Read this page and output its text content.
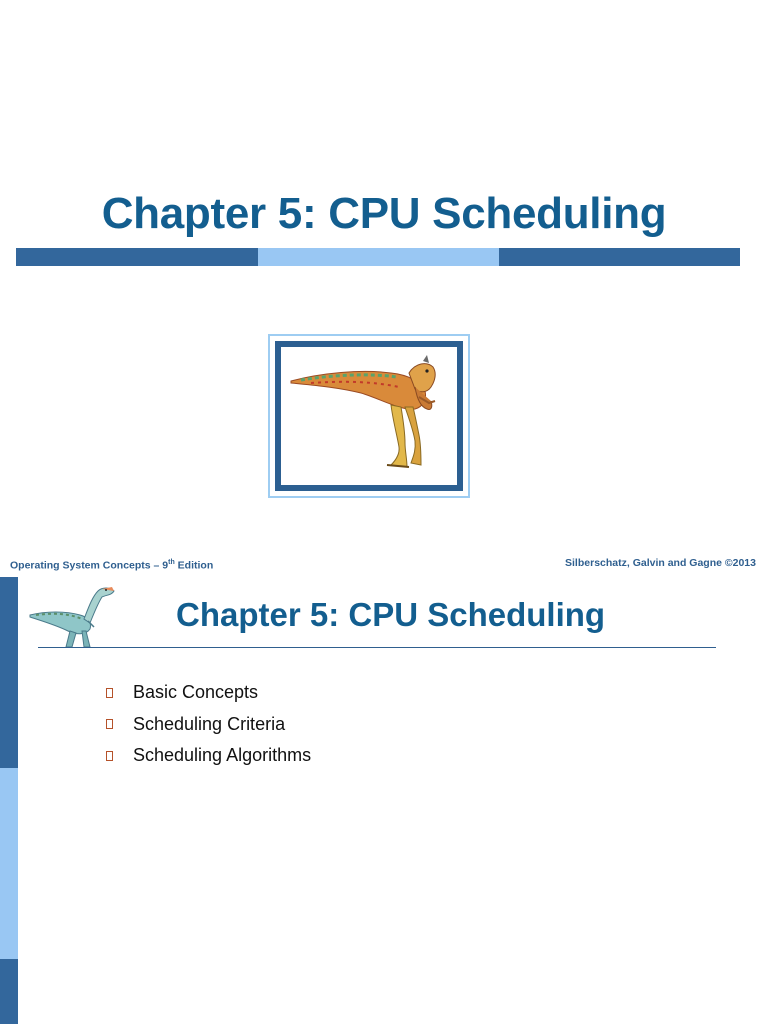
Chapter 5: CPU Scheduling
Operating System Concepts – 9th Edition	Silberschatz, Galvin and Gagne ©2013
Chapter 5: CPU Scheduling
Basic Concepts
Scheduling Criteria
Scheduling Algorithms
